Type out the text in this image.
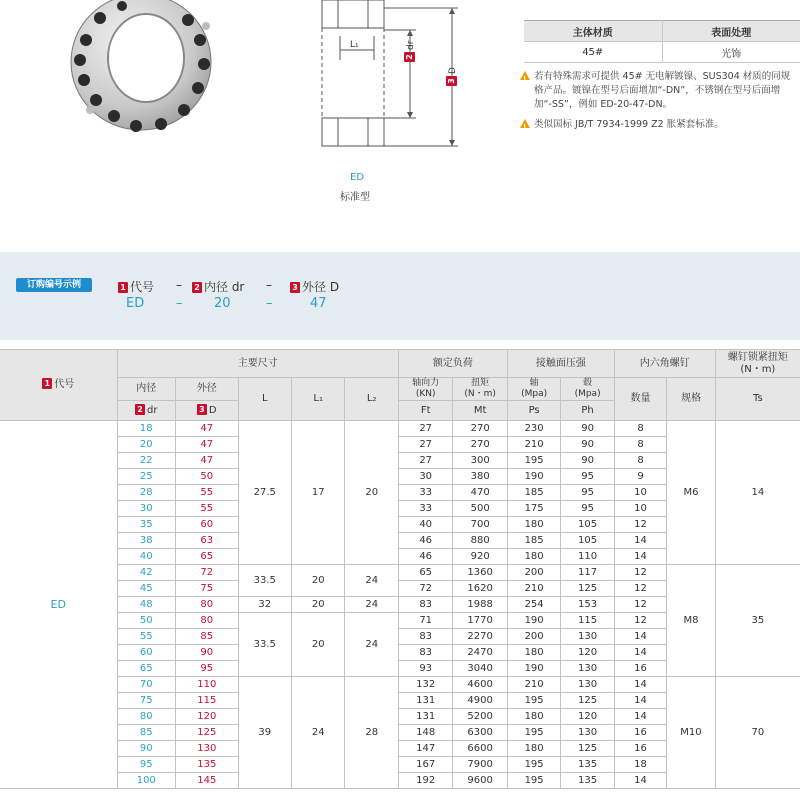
L₁
2dr
3D
ED
标准型
主体材质	表面处理
45#	光饰
!
若有特殊需求可提供 45# 无电解镀镍、SUS304 材质的同规格产品。镀镍在型号后面增加“-DN”，不锈钢在型号后面增加“-SS”，例如 ED-20-47-DN。
!
类似国标 JB/T 7934-1999 Z2 胀紧套标准。
订购编号示例	1 代号 – 2 内径 dr –	3 外径 D
ED – 20	–	47
1 代号	主要尺寸					额定负荷		接触面压强		内六角螺钉		螺钉锁紧扭矩
(N・m)
	内径	外径	L	L₁	L₂	轴向力
(KN)	扭矩
(N・m)	轴
(Mpa)	毂
(Mpa)	数量	规格	Ts
	2 dr	3 D				Ft	Mt	Ps	Ph			
ED	18	47	27.5	17	20	27	270	230	90	8	M6	14
	20	47				27	270	210	90	8		
	22	47				27	300	195	90	8		
	25	50				30	380	190	95	9		
	28	55				33	470	185	95	10		
	30	55				33	500	175	95	10		
	35	60				40	700	180	105	12		
	38	63				46	880	185	105	14		
	40	65				46	920	180	110	14		
	42	72	33.5	20	24	65	1360	200	117	12	M8	35
	45	75				72	1620	210	125	12		
	48	80	32	20	24	83	1988	254	153	12		
	50	80	33.5	20	24	71	1770	190	115	12		
	55	85				83	2270	200	130	14		
	60	90				83	2470	180	120	14		
	65	95				93	3040	190	130	16		
	70	110	39	24	28	132	4600	210	130	14	M10	70
	75	115				131	4900	195	125	14		
	80	120				131	5200	180	120	14		
	85	125				148	6300	195	130	16		
	90	130				147	6600	180	125	16		
	95	135				167	7900	195	135	18		
	100	145				192	9600	195	135	14		
